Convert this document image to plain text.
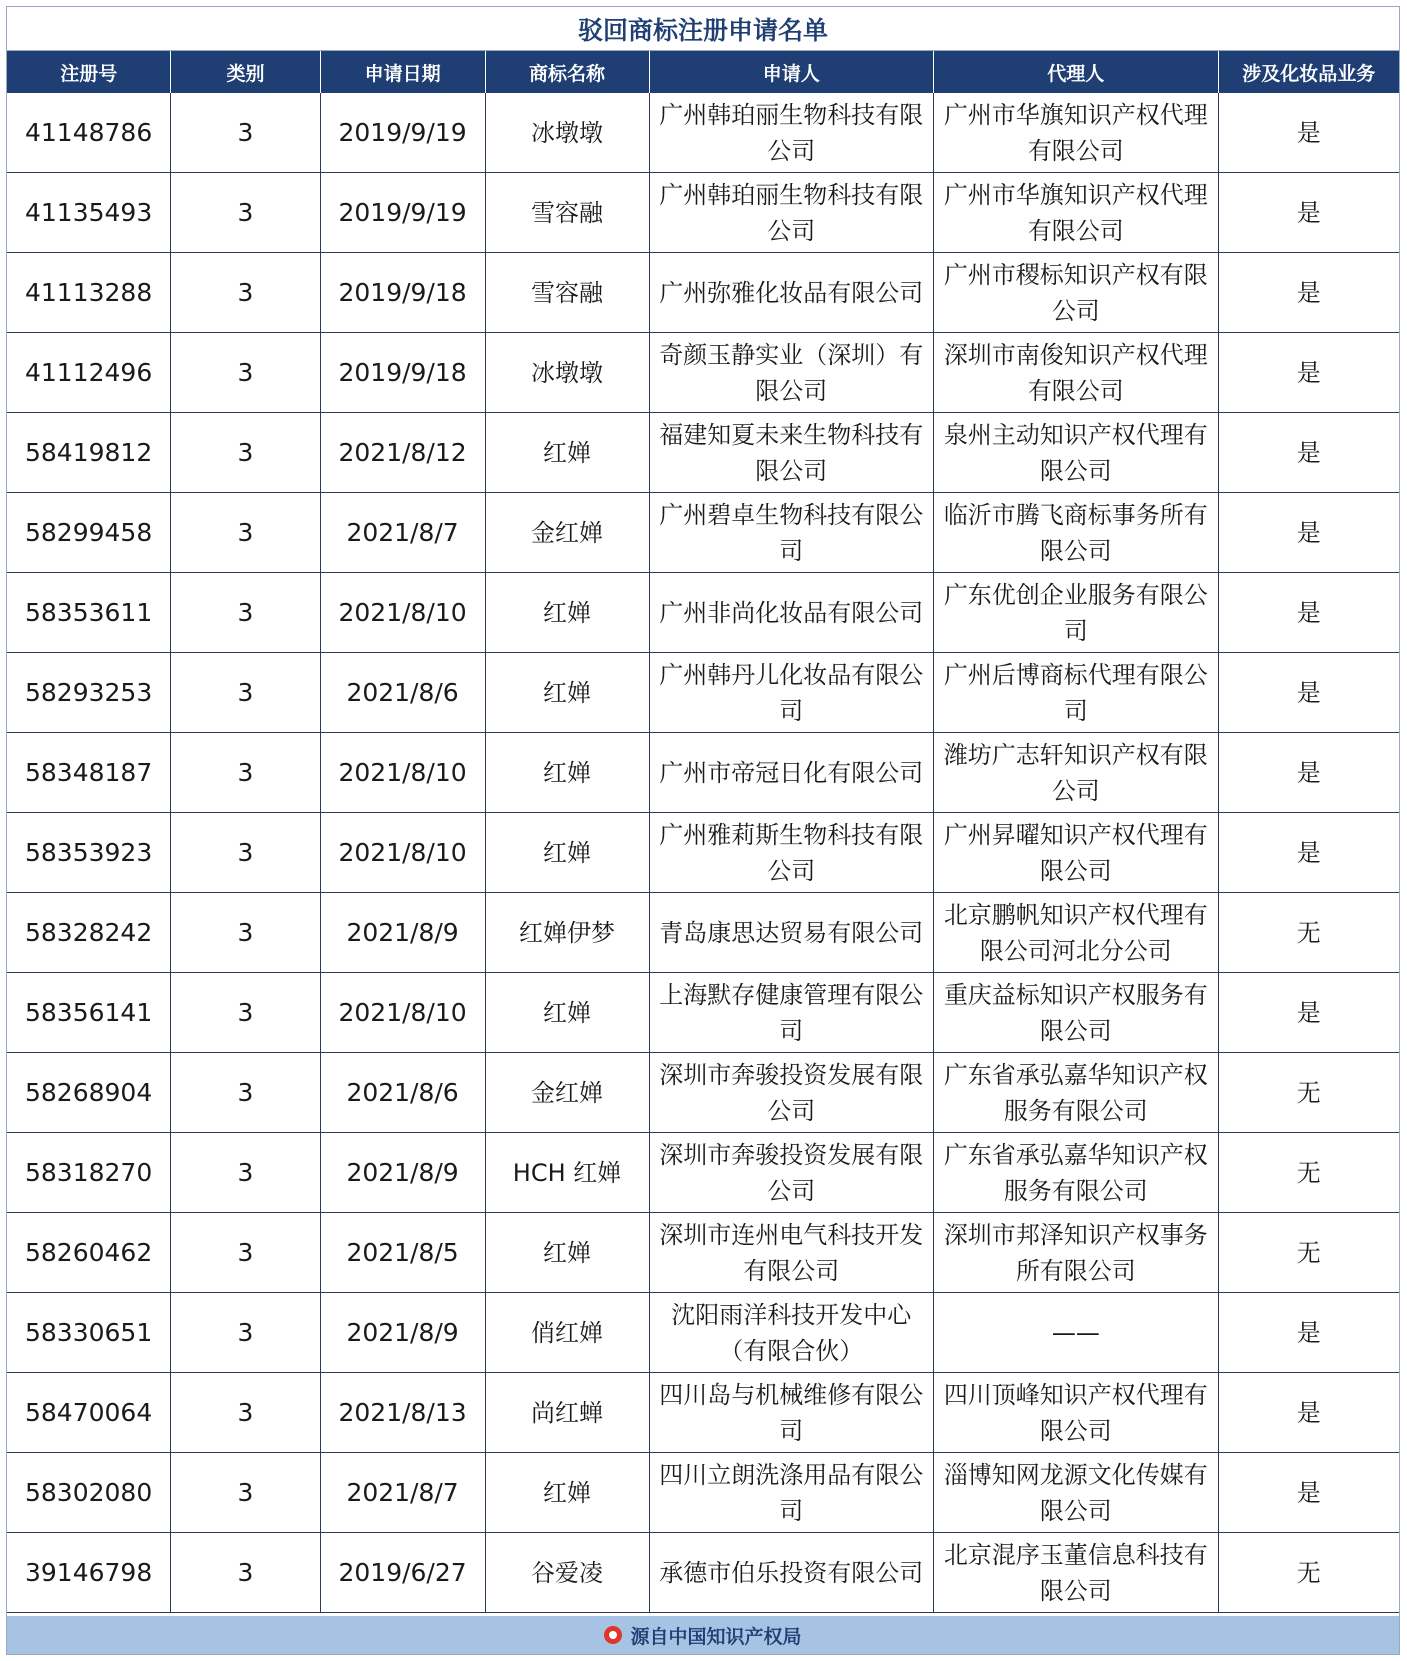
驳回商标注册申请名单
注册号	类别	申请日期	商标名称	申请人	代理人	涉及化妆品业务
41148786	3	2019/9/19	冰墩墩	广州韩珀丽生物科技有限公司	广州市华旗知识产权代理有限公司	是
41135493	3	2019/9/19	雪容融	广州韩珀丽生物科技有限公司	广州市华旗知识产权代理有限公司	是
41113288	3	2019/9/18	雪容融	广州弥雅化妆品有限公司	广州市稷标知识产权有限公司	是
41112496	3	2019/9/18	冰墩墩	奇颜玉静实业（深圳）有限公司	深圳市南俊知识产权代理有限公司	是
58419812	3	2021/8/12	红婵	福建知夏未来生物科技有限公司	泉州主动知识产权代理有限公司	是
58299458	3	2021/8/7	金红婵	广州碧卓生物科技有限公司	临沂市腾飞商标事务所有限公司	是
58353611	3	2021/8/10	红婵	广州非尚化妆品有限公司	广东优创企业服务有限公司	是
58293253	3	2021/8/6	红婵	广州韩丹儿化妆品有限公司	广州后博商标代理有限公司	是
58348187	3	2021/8/10	红婵	广州市帝冠日化有限公司	潍坊广志轩知识产权有限公司	是
58353923	3	2021/8/10	红婵	广州雅莉斯生物科技有限公司	广州昇曜知识产权代理有限公司	是
58328242	3	2021/8/9	红婵伊梦	青岛康思达贸易有限公司	北京鹏帆知识产权代理有限公司河北分公司	无
58356141	3	2021/8/10	红婵	上海默存健康管理有限公司	重庆益标知识产权服务有限公司	是
58268904	3	2021/8/6	金红婵	深圳市奔骏投资发展有限公司	广东省承弘嘉华知识产权服务有限公司	无
58318270	3	2021/8/9	HCH 红婵	深圳市奔骏投资发展有限公司	广东省承弘嘉华知识产权服务有限公司	无
58260462	3	2021/8/5	红婵	深圳市连州电气科技开发有限公司	深圳市邦泽知识产权事务所有限公司	无
58330651	3	2021/8/9	俏红婵	沈阳雨洋科技开发中心（有限合伙）	——	是
58470064	3	2021/8/13	尚红蝉	四川岛与机械维修有限公司	四川顶峰知识产权代理有限公司	是
58302080	3	2021/8/7	红婵	四川立朗洗涤用品有限公司	淄博知网龙源文化传媒有限公司	是
39146798	3	2019/6/27	谷爱凌	承德市伯乐投资有限公司	北京混序玉董信息科技有限公司	无
源自中国知识产权局
